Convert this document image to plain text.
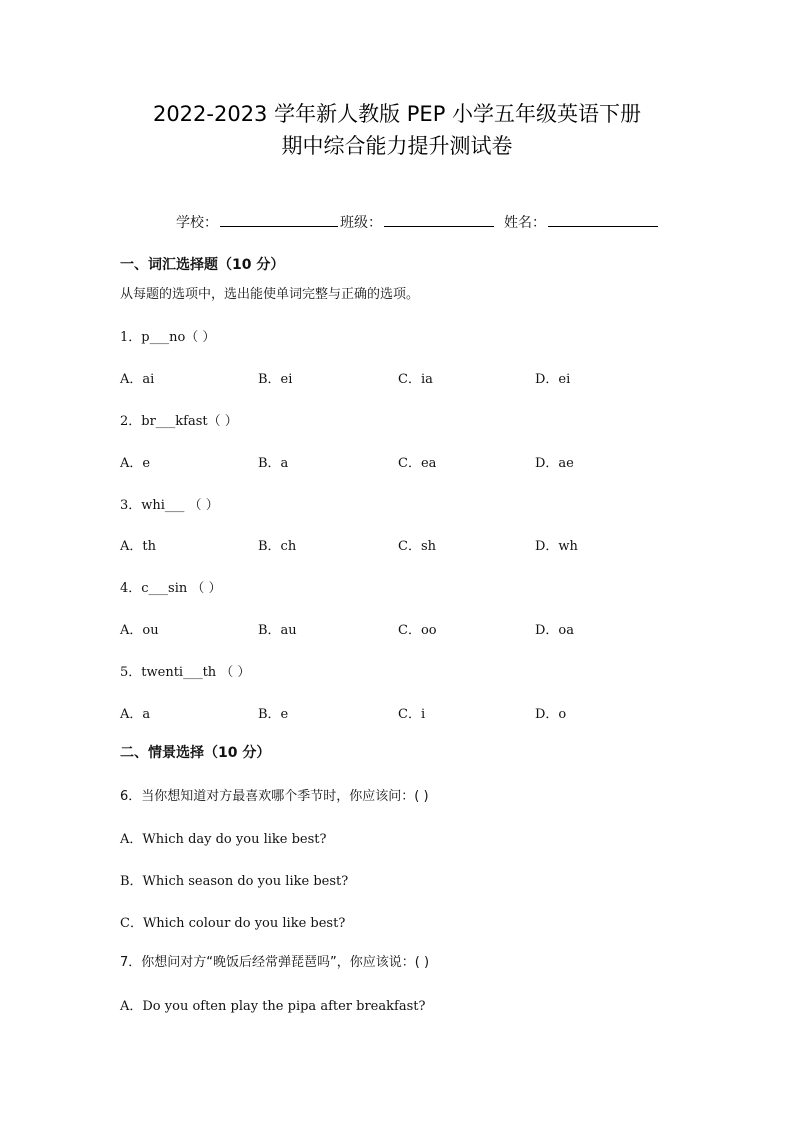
2022-2023 学年新人教版 PEP 小学五年级英语下册
期中综合能力提升测试卷
学校：	班级：	姓名：
一、词汇选择题（10 分）
从每题的选项中，选出能使单词完整与正确的选项。
1．p___no（ ）
A．ai	B．ei	C．ia	D．ei
2．br___kfast（ ）
A．e	B．a	C．ea	D．ae
3．whi___ （ ）
A．th	B．ch	C．sh	D．wh
4．c___sin （ ）
A．ou	B．au	C．oo	D．oa
5．twenti___th （ ）
A．a	B．e	C．i	D．o
二、情景选择（10 分）
6．当你想知道对方最喜欢哪个季节时，你应该问：( )
A．Which day do you like best?
B．Which season do you like best?
C．Which colour do you like best?
7．你想问对方“晚饭后经常弹琵琶吗”，你应该说：( )
A．Do you often play the pipa after breakfast?
